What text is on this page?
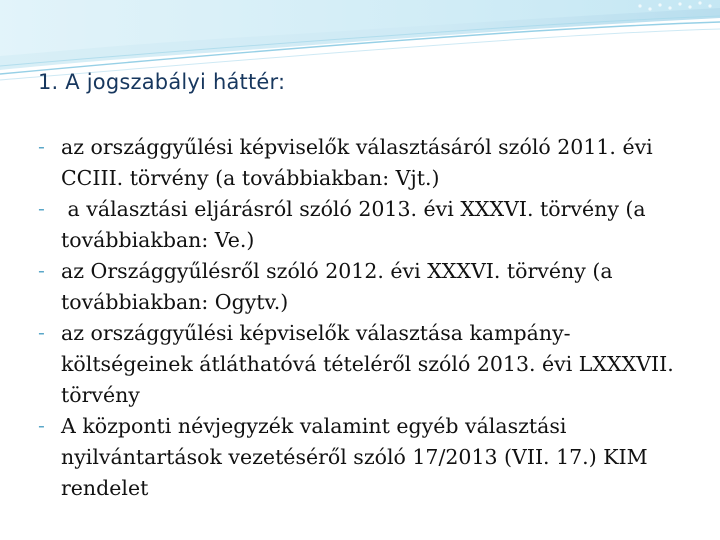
1. A jogszabályi háttér:
- az országgyűlési képviselők választásáról szóló 2011. évi CCIII. törvény (a továbbiakban: Vjt.)
- a választási eljárásról szóló 2013. évi XXXVI. törvény (a továbbiakban: Ve.)
- az Országgyűlésről szóló 2012. évi XXXVI. törvény (a továbbiakban: Ogytv.)
- az országgyűlési képviselők választása kampány-költségeinek átláthatóvá tételéről szóló 2013. évi LXXXVII. törvény
- A központi névjegyzék valamint egyéb választási nyilvántartások vezetéséről szóló 17/2013 (VII. 17.) KIM rendelet
